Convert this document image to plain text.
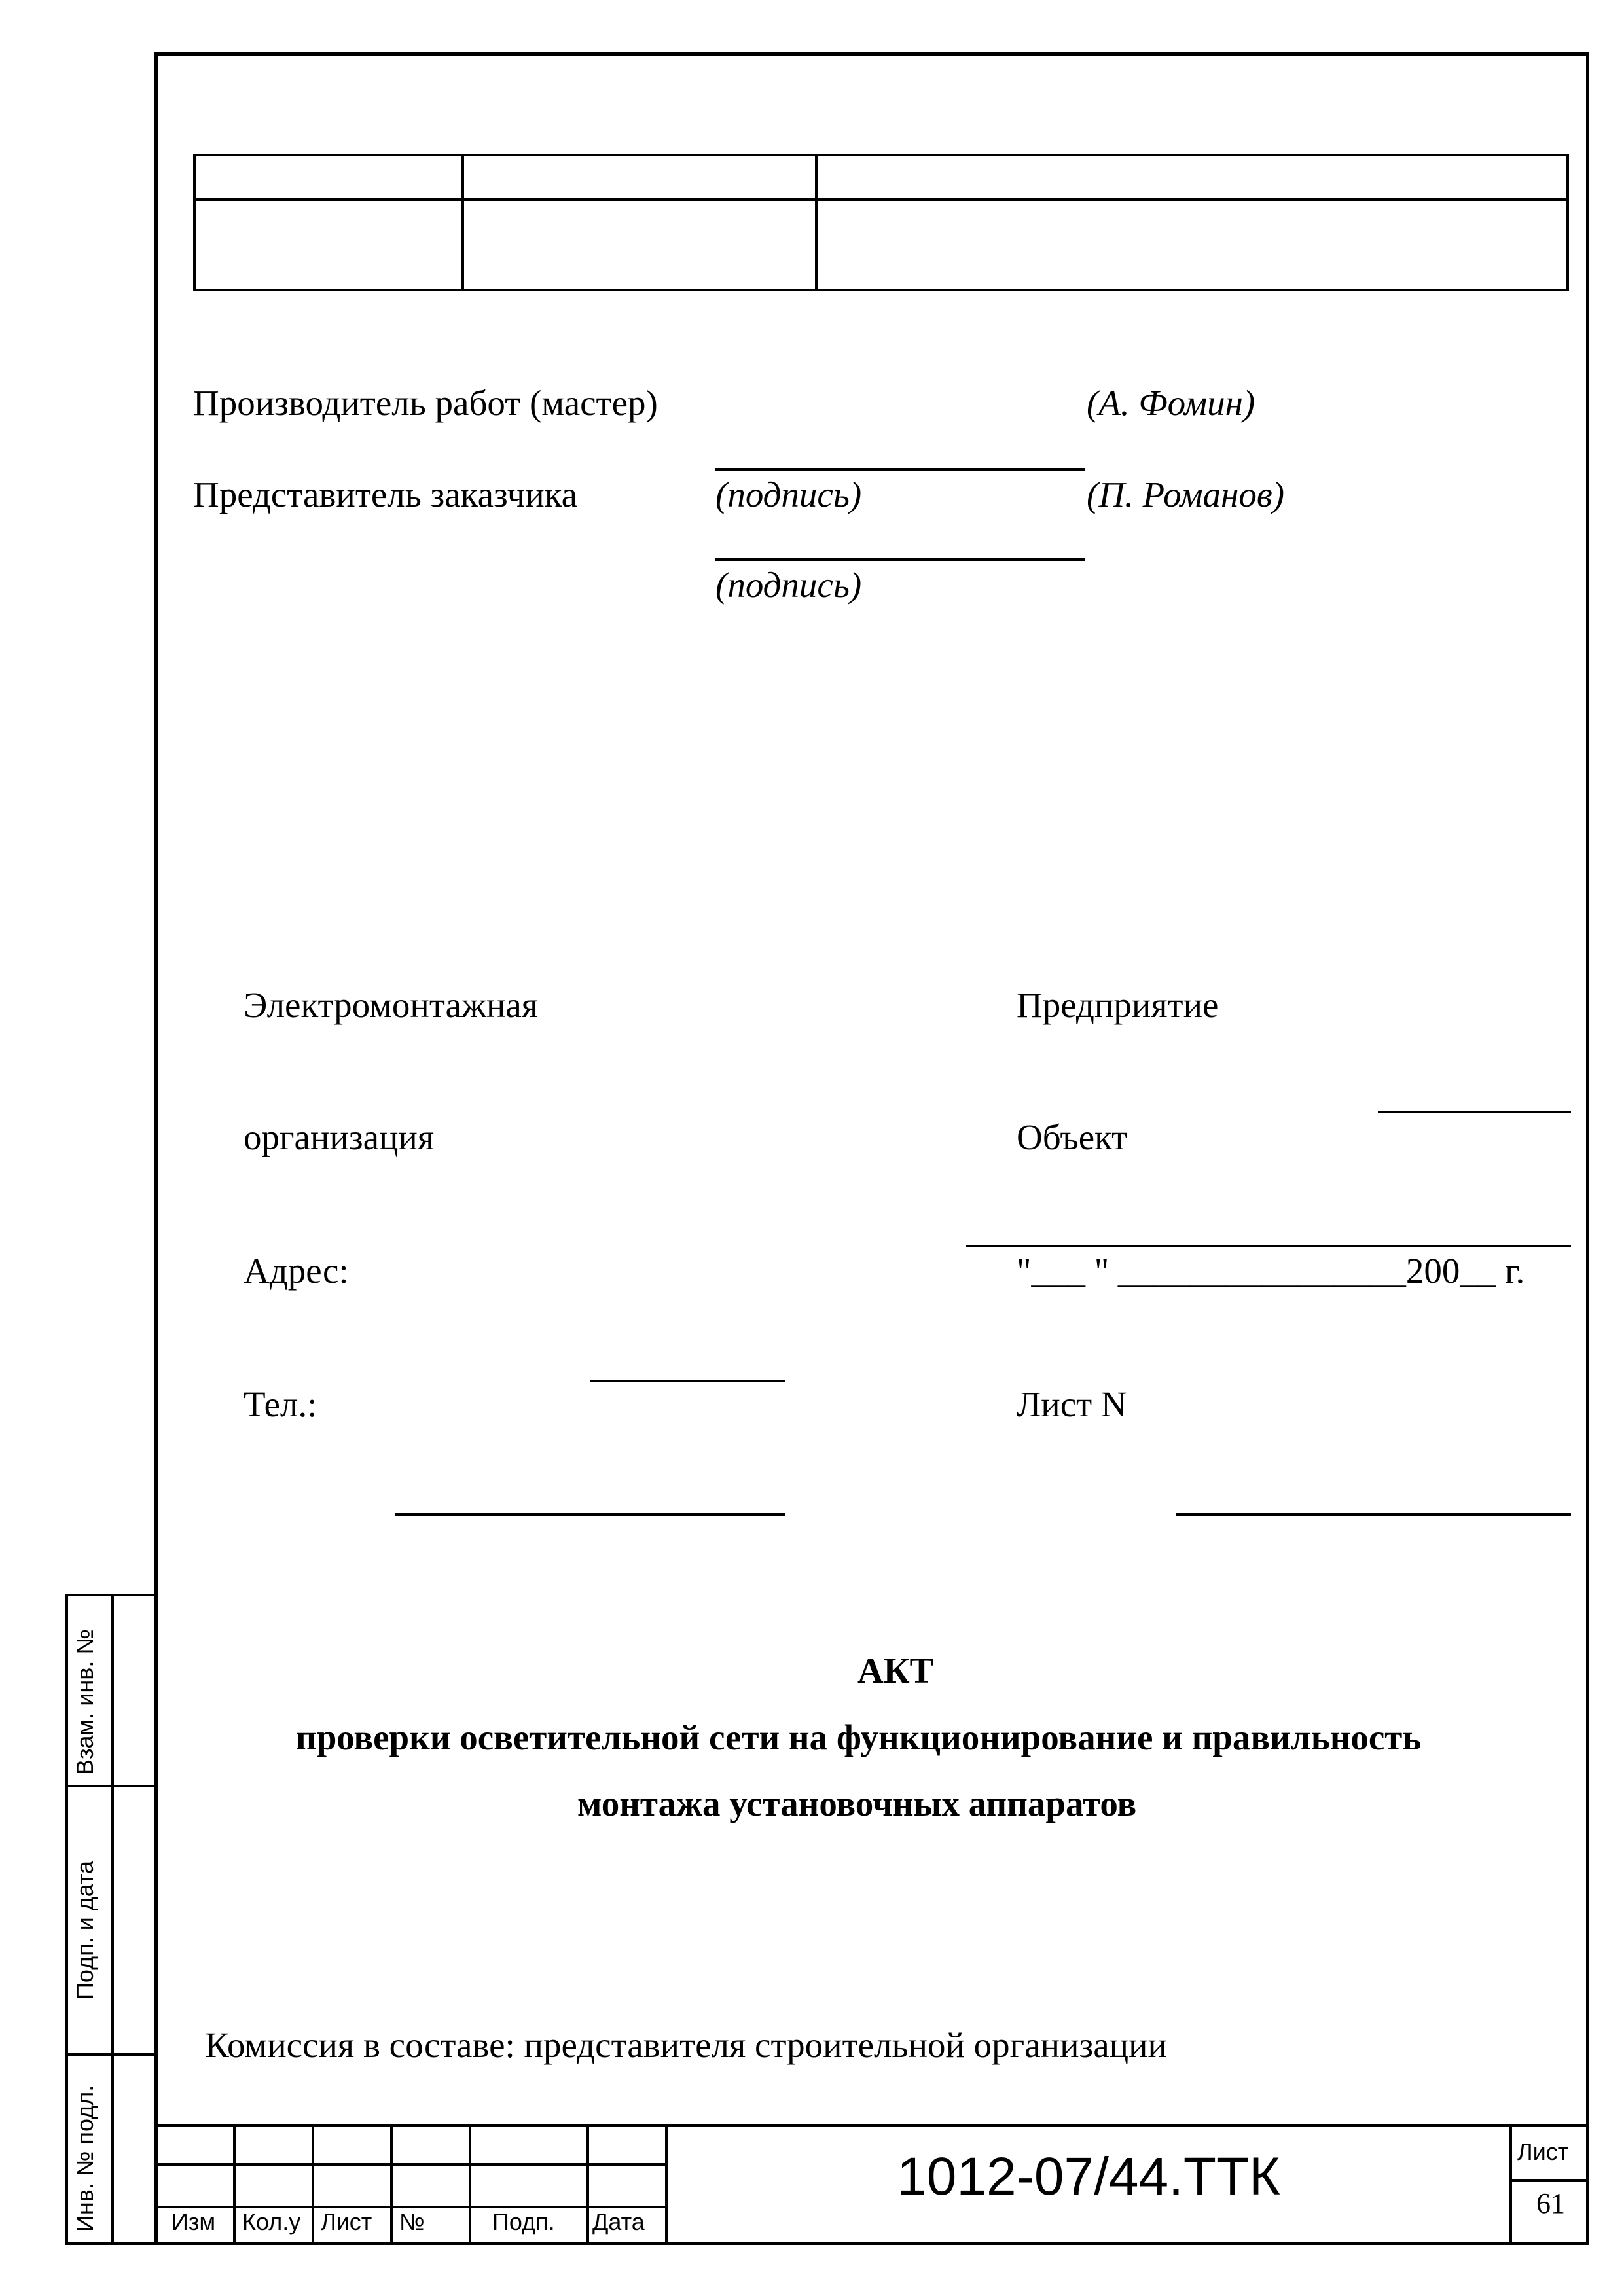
Производитель работ (мастер)	(А. Фомин)
Представитель заказчика	(подпись)	(П. Романов)
(подпись)
Электромонтажная
организация
Адрес:
Тел.:
Предприятие
Объект
"___ " ________________200__ г.
Лист N
АКТ
проверки осветительной сети на функционирование и правильность
монтажа установочных аппаратов
Комиссия в составе: представителя строительной организации
Взам. инв. №
Подп. и дата
Инв. № подл.	Изм Кол.у Лист №	Подп. Дата
1012-07/44.ТТК	Лист
61
